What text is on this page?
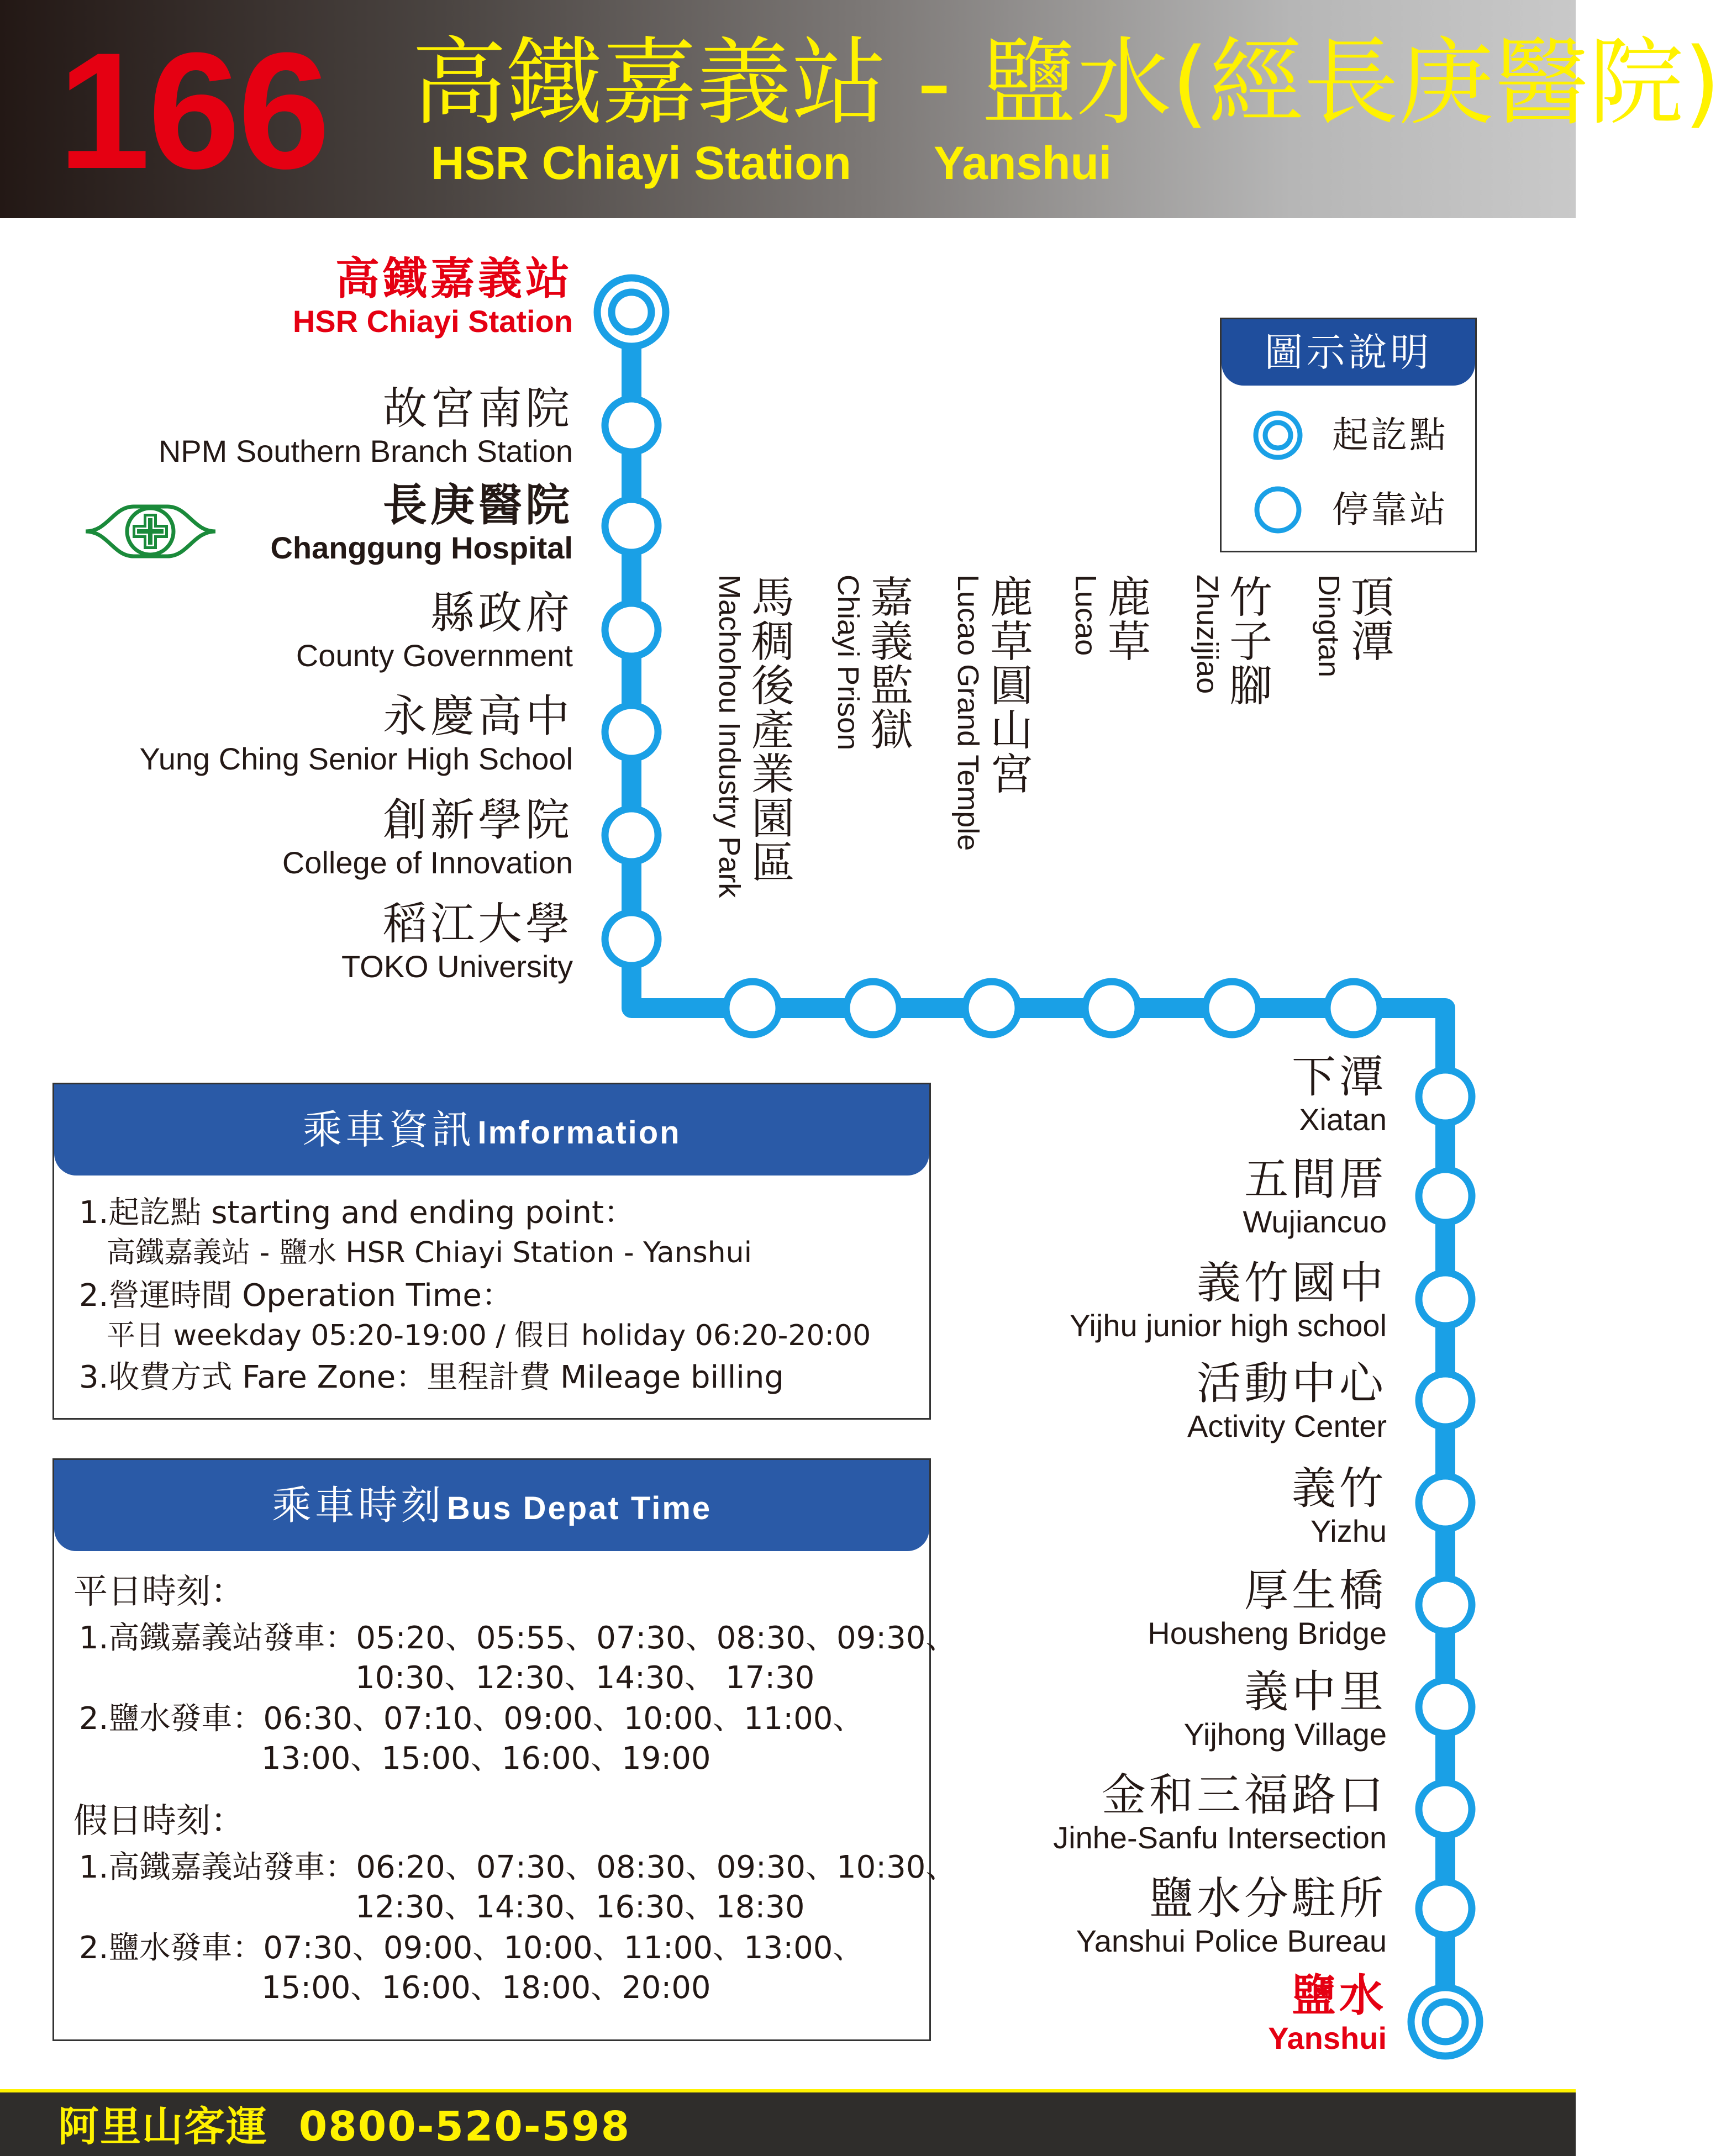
166 高鐵嘉義站 - 鹽水(經長庚醫院)
HSR Chiayi Station Yanshui
高鐵嘉義站
HSR Chiayi Station
故宮南院
NPM Southern Branch Station
長庚醫院
Changgung Hospital
縣政府
County Government
永慶高中
Yung Ching Senior High School
創新學院
College of Innovation
稻江大學
TOKO University
馬稠後產業園區
Machohou Industry Park	嘉義監獄
Chiayi Prison	鹿草圓山宮
Lucao Grand Temple	鹿草
Lucao	竹子腳
Zhuzijiao	頂潭
Dingtan
下潭
Xiatan
五間厝
Wujiancuo
義竹國中
Yijhu junior high school
活動中心
Activity Center
義竹
Yizhu
厚生橋
Housheng Bridge
義中里
Yijhong Village
金和三福路口
Jinhe-Sanfu Intersection
鹽水分駐所
Yanshui Police Bureau
鹽水
Yanshui
圖示說明
起訖點
停靠站
乘車資訊 Imformation
1.起訖點 starting and ending point：
高鐵嘉義站 - 鹽水 HSR Chiayi Station - Yanshui
2.營運時間 Operation Time：
平日 weekday 05:20-19:00 / 假日 holiday 06:20-20:00
3.收費方式 Fare Zone：里程計費 Mileage billing
乘車時刻 Bus Depat Time
平日時刻：
1.高鐵嘉義站發車：05:20、05:55、07:30、08:30、09:30、
10:30、12:30、14:30、 17:30
2.鹽水發車：06:30、07:10、09:00、10:00、11:00、
13:00、15:00、16:00、19:00
假日時刻：
1.高鐵嘉義站發車：06:20、07:30、08:30、09:30、10:30、
12:30、14:30、16:30、18:30
2.鹽水發車：07:30、09:00、10:00、11:00、13:00、
15:00、16:00、18:00、20:00
阿里山客運 0800-520-598
